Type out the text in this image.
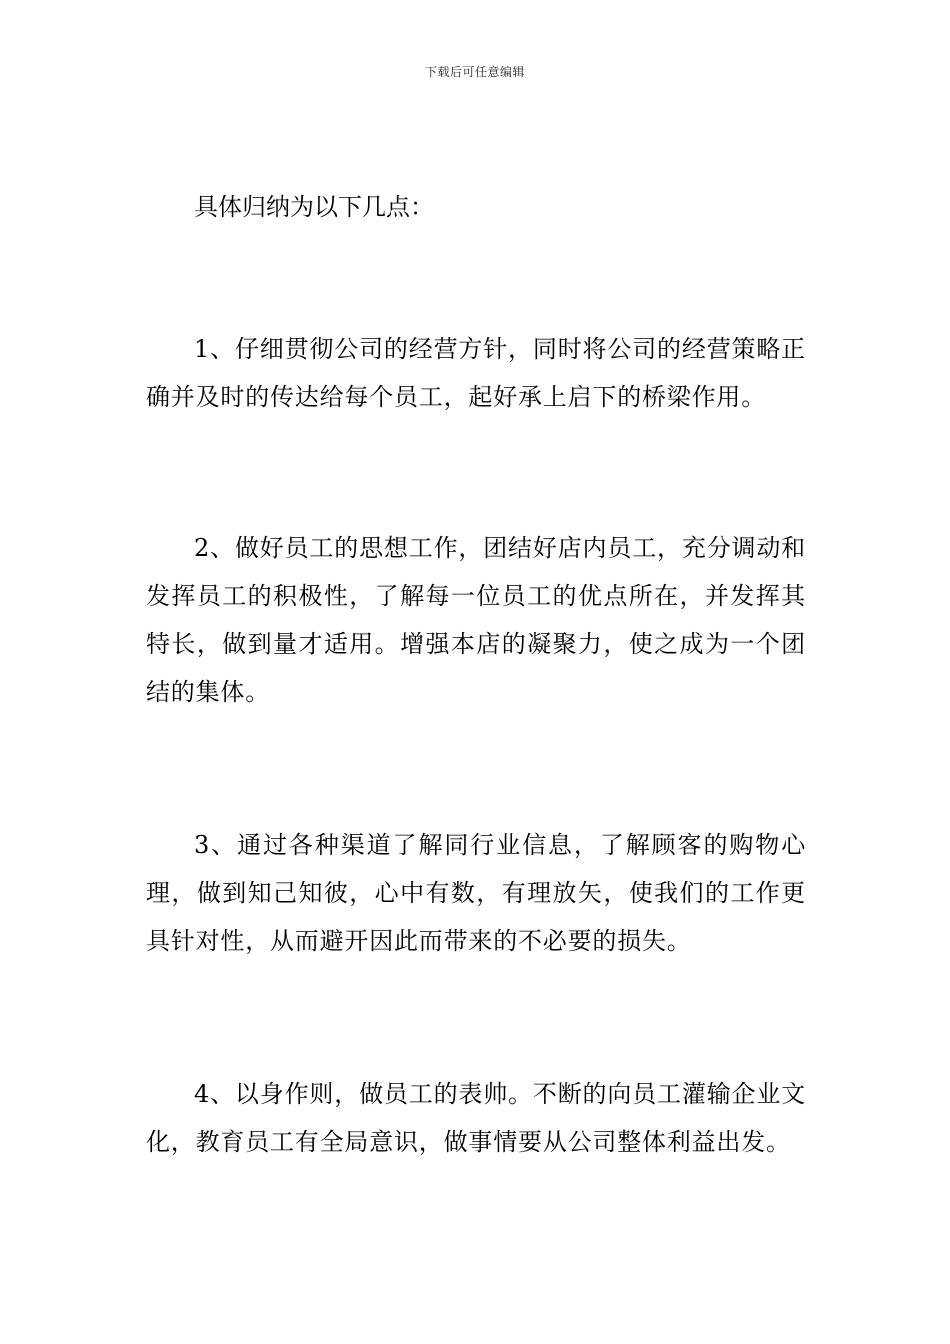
下载后可任意编辑

具体归纳为以下几点：

1、仔细贯彻公司的经营方针，同时将公司的经营策略正确并及时的传达给每个员工，起好承上启下的桥梁作用。

2、做好员工的思想工作，团结好店内员工，充分调动和发挥员工的积极性，了解每一位员工的优点所在，并发挥其特长，做到量才适用。增强本店的凝聚力，使之成为一个团结的集体。

3、通过各种渠道了解同行业信息，了解顾客的购物心理，做到知己知彼，心中有数，有理放矢，使我们的工作更具针对性，从而避开因此而带来的不必要的损失。

4、以身作则，做员工的表帅。不断的向员工灌输企业文化，教育员工有全局意识，做事情要从公司整体利益出发。
